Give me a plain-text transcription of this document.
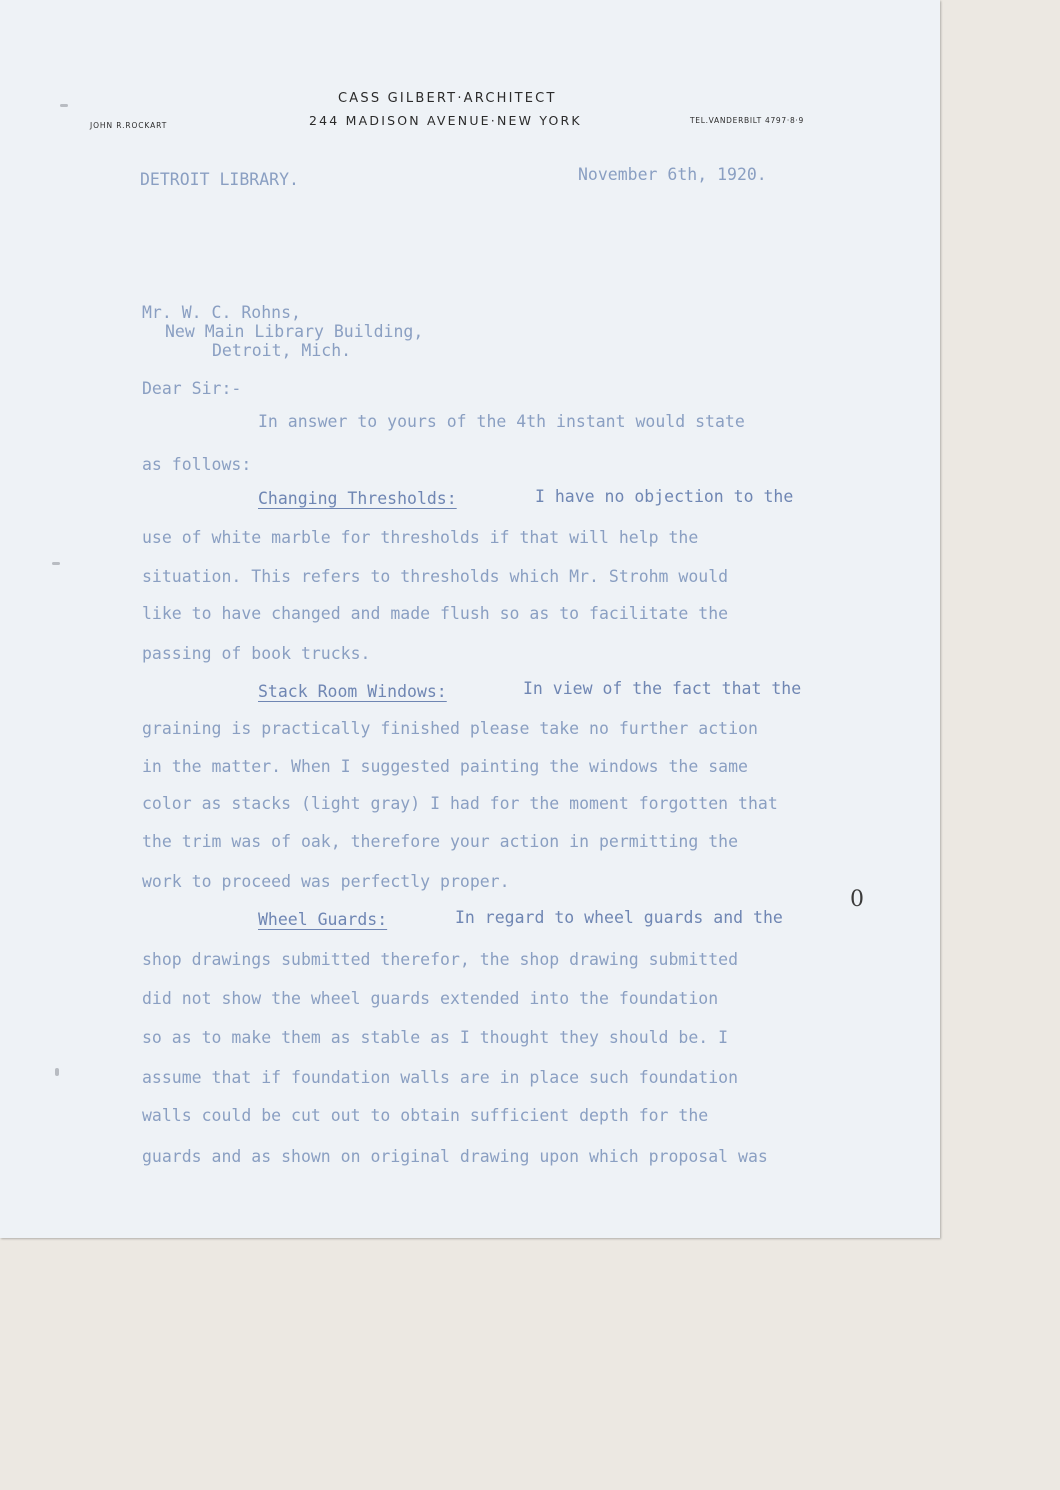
CASS GILBERT·ARCHITECT
244 MADISON AVENUE·NEW YORK
JOHN R.ROCKART
TEL.VANDERBILT 4797·8·9
DETROIT LIBRARY.	November 6th, 1920.
Mr. W. C. Rohns,
New Main Library Building,
Detroit, Mich.
Dear Sir:-
In answer to yours of the 4th instant would state
as follows:
Changing Thresholds:	I have no objection to the
use of white marble for thresholds if that will help the
situation. This refers to thresholds which Mr. Strohm would
like to have changed and made flush so as to facilitate the
passing of book trucks.
Stack Room Windows:	In view of the fact that the
graining is practically finished please take no further action
in the matter. When I suggested painting the windows the same
color as stacks (light gray) I had for the moment forgotten that
the trim was of oak, therefore your action in permitting the
work to proceed was perfectly proper.
Wheel Guards:	In regard to wheel guards and the
shop drawings submitted therefor, the shop drawing submitted
did not show the wheel guards extended into the foundation
so as to make them as stable as I thought they should be. I
assume that if foundation walls are in place such foundation
walls could be cut out to obtain sufficient depth for the
guards and as shown on original drawing upon which proposal was
0
